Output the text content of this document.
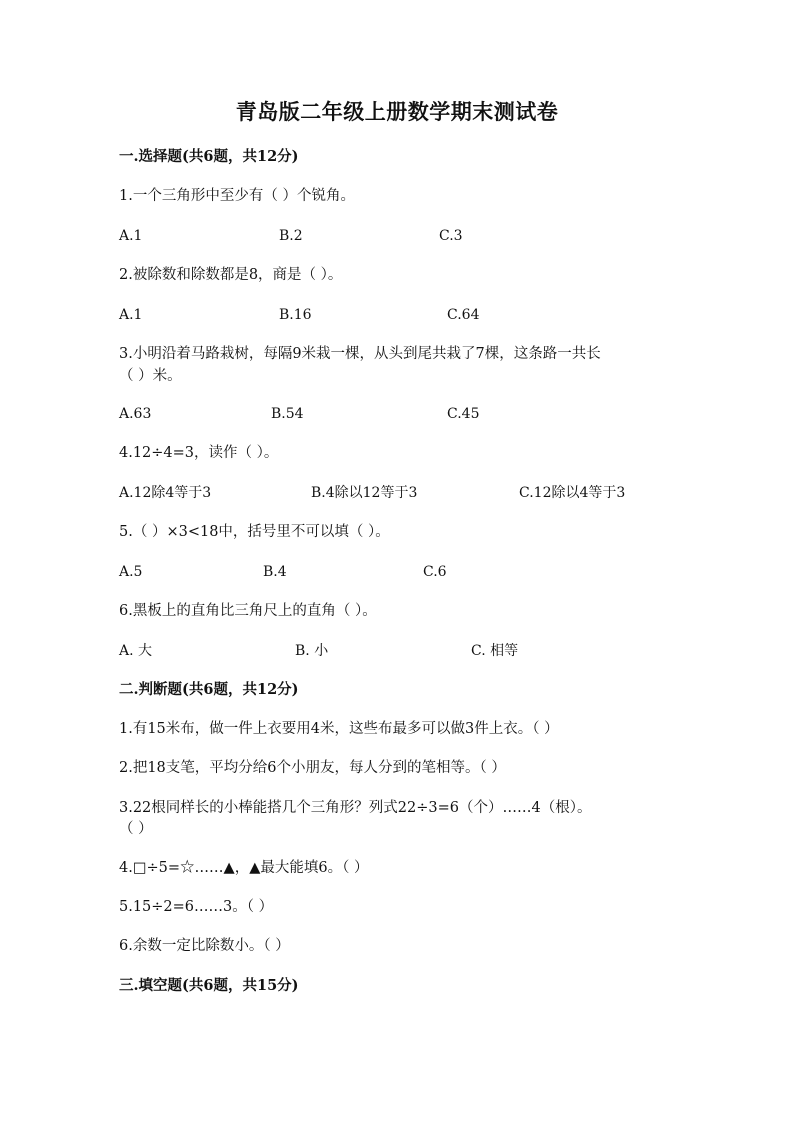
青岛版二年级上册数学期末测试卷
一.选择题(共6题，共12分)
1.一个三角形中至少有（ ）个锐角。
A.1	B.2	C.3
2.被除数和除数都是8，商是（ ）。
A.1	B.16	C.64
3.小明沿着马路栽树，每隔9米栽一棵，从头到尾共栽了7棵，这条路一共长
（ ）米。
A.63	B.54	C.45
4.12÷4=3，读作（ ）。
A.12除4等于3	B.4除以12等于3	C.12除以4等于3
5.（ ）×3<18中，括号里不可以填（ ）。
A.5	B.4	C.6
6.黑板上的直角比三角尺上的直角（ ）。
A. 大	B. 小	C. 相等
二.判断题(共6题，共12分)
1.有15米布，做一件上衣要用4米，这些布最多可以做3件上衣。（ ）
2.把18支笔，平均分给6个小朋友，每人分到的笔相等。（ ）
3.22根同样长的小棒能搭几个三角形？列式22÷3=6（个）……4（根）。
（ ）
4.□÷5=☆……▲，▲最大能填6。（ ）
5.15÷2=6……3。（ ）
6.余数一定比除数小。（ ）
三.填空题(共6题，共15分)
